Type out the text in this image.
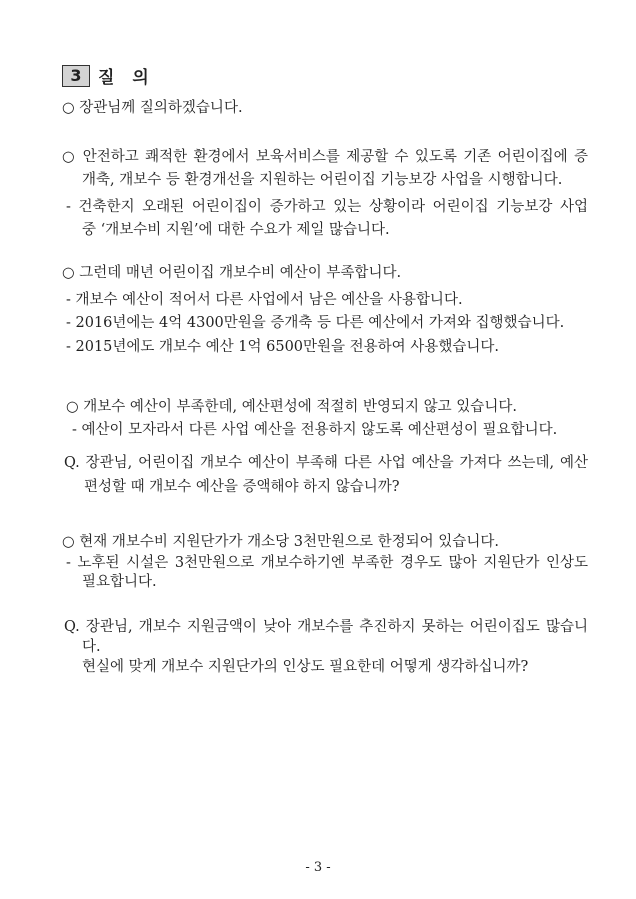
3 질 의
○ 장관님께 질의하겠습니다.
○ 안전하고 쾌적한 환경에서 보육서비스를 제공할 수 있도록 기존 어린이집에 증
개축, 개보수 등 환경개선을 지원하는 어린이집 기능보강 사업을 시행합니다.
- 건축한지 오래된 어린이집이 증가하고 있는 상황이라 어린이집 기능보강 사업
중 ‘개보수비 지원’에 대한 수요가 제일 많습니다.
○ 그런데 매년 어린이집 개보수비 예산이 부족합니다.
- 개보수 예산이 적어서 다른 사업에서 남은 예산을 사용합니다.
- 2016년에는 4억 4300만원을 증개축 등 다른 예산에서 가져와 집행했습니다.
- 2015년에도 개보수 예산 1억 6500만원을 전용하여 사용했습니다.
○ 개보수 예산이 부족한데, 예산편성에 적절히 반영되지 않고 있습니다.
- 예산이 모자라서 다른 사업 예산을 전용하지 않도록 예산편성이 필요합니다.
Q. 장관님, 어린이집 개보수 예산이 부족해 다른 사업 예산을 가져다 쓰는데, 예산
편성할 때 개보수 예산을 증액해야 하지 않습니까?
○ 현재 개보수비 지원단가가 개소당 3천만원으로 한정되어 있습니다.
- 노후된 시설은 3천만원으로 개보수하기엔 부족한 경우도 많아 지원단가 인상도
필요합니다.
Q. 장관님, 개보수 지원금액이 낮아 개보수를 추진하지 못하는 어린이집도 많습니
다.
현실에 맞게 개보수 지원단가의 인상도 필요한데 어떻게 생각하십니까?
- 3 -
